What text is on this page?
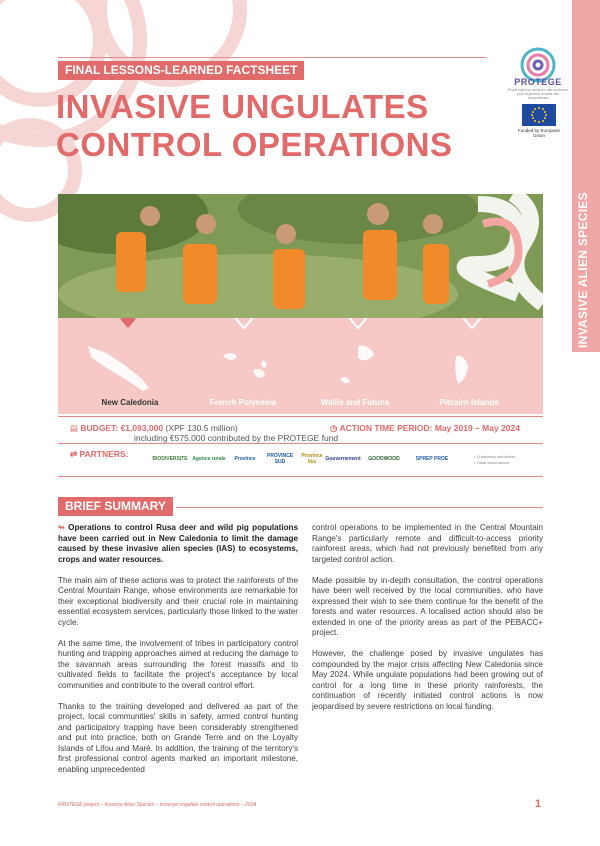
INVASIVE ALIEN SPECIES
FINAL LESSONS-LEARNED FACTSHEET
INVASIVE UNGULATES
CONTROL OPERATIONS
PROTEGE
Projet régional océanien des territoires pour la gestion durable des écosystèmes
Funded by European Union
New Caledonia	French Polynesia	Wallis and Futuna	Pitcairn Islands
▤ BUDGET: €1,093,000 (XPF 130.5 million)
including €575,000 contributed by the PROTEGE fund
◷ ACTION TIME PERIOD: May 2019 – May 2024
⇄ PARTNERS:	BIODIVERSITE Agence rurale	Province	PROVINCE SUD
Province Iles	Gouvernement	GOODWOOD	SPREP PROE	• Customary authorities
• Tribal associations
BRIEF SUMMARY

↬ Operations to control Rusa deer and wild pig populations have been carried out in New Caledonia to limit the damage caused by these invasive alien species (IAS) to ecosystems, crops and water resources.

The main aim of these actions was to protect the rainforests of the Central Mountain Range, whose environments are remarkable for their exceptional biodiversity and their crucial role in maintaining essential ecosystem services, particularly those linked to the water cycle.

At the same time, the involvement of tribes in participatory control hunting and trapping approaches aimed at reducing the damage to the savannah areas surrounding the forest massifs and to cultivated fields to facilitate the project's acceptance by local communities and contribute to the overall control effort.

Thanks to the training developed and delivered as part of the project, local communities' skills in safety, armed control hunting and participatory trapping have been considerably strengthened and put into practice, both on Grande Terre and on the Loyalty Islands of Lifou and Maré. In addition, the training of the territory's first professional control agents marked an important milestone, enabling unprecedented

control operations to be implemented in the Central Mountain Range's particularly remote and difficult-to-access priority rainforest areas, which had not previously benefited from any targeted control action.

Made possible by in-depth consultation, the control operations have been well received by the local communities, who have expressed their wish to see them continue for the benefit of the forests and water resources. A localised action should also be extended in one of the priority areas as part of the PEBACC+ project.

However, the challenge posed by invasive ungulates has compounded by the major crisis affecting New Caledonia since May 2024. While ungulate populations had been growing out of control for a long time in these priority rainforests, the continuation of recently initiated control actions is now jeopardised by severe restrictions on local funding.

PROTEGE project – Invasive Alien Species – invasive ungulate control operations – 2024	1
